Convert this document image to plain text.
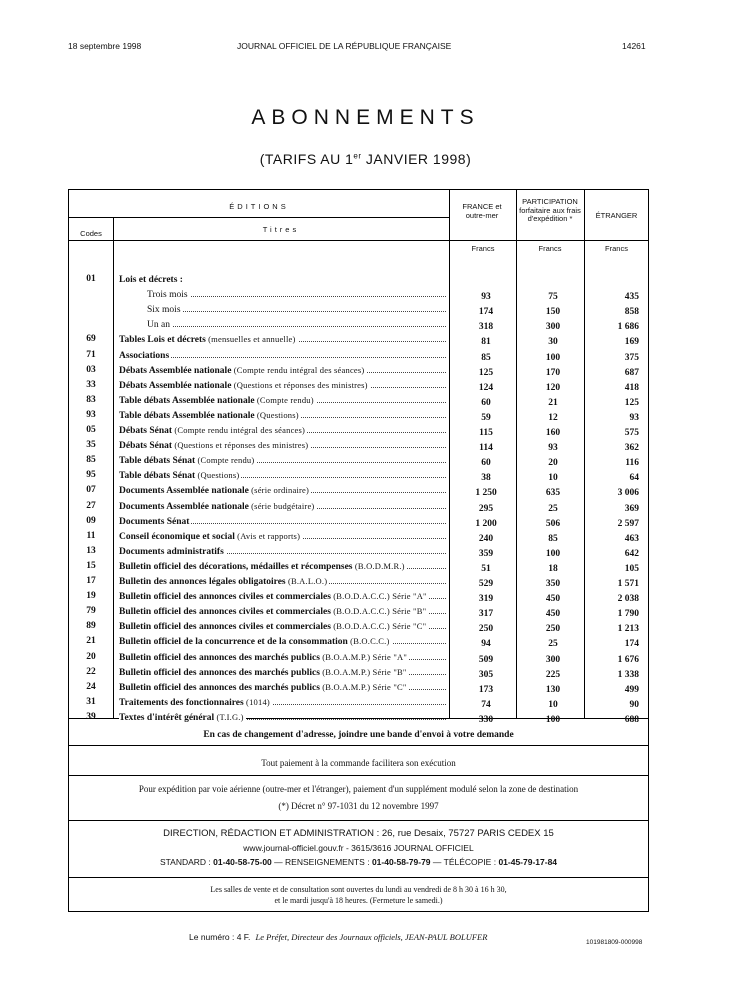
18 septembre 1998	JOURNAL OFFICIEL DE LA RÉPUBLIQUE FRANÇAISE	14261
ABONNEMENTS
(TARIFS AU 1er JANVIER 1998)
ÉDITIONS
Codes	Titres
FRANCE et outre-mer
PARTICIPATION forfaitaire aux frais d'expédition *	ÉTRANGER
Francs	Francs	Francs
01	Lois et décrets :
Trois mois	93	75	435
Six mois	174	150	858
Un an	318	300	1 686
69	Tables Lois et décrets (mensuelles et annuelle)	81	30	169
71	Associations	85	100	375
03	Débats Assemblée nationale (Compte rendu intégral des séances)	125	170	687
33	Débats Assemblée nationale (Questions et réponses des ministres)	124	120	418
83	Table débats Assemblée nationale (Compte rendu)	60	21	125
93	Table débats Assemblée nationale (Questions)	59	12	93
05	Débats Sénat (Compte rendu intégral des séances)	115	160	575
35	Débats Sénat (Questions et réponses des ministres)	114	93	362
85	Table débats Sénat (Compte rendu)	60	20	116
95	Table débats Sénat (Questions)	38	10	64
07	Documents Assemblée nationale (série ordinaire)	1 250	635	3 006
27	Documents Assemblée nationale (série budgétaire)	295	25	369
09	Documents Sénat	1 200	506	2 597
11	Conseil économique et social (Avis et rapports)	240	85	463
13	Documents administratifs	359	100	642
15	Bulletin officiel des décorations, médailles et récompenses (B.O.D.M.R.)	51	18	105
17	Bulletin des annonces légales obligatoires (B.A.L.O.)	529	350	1 571
19	Bulletin officiel des annonces civiles et commerciales (B.O.D.A.C.C.) Série "A"	319	450	2 038
79	Bulletin officiel des annonces civiles et commerciales (B.O.D.A.C.C.) Série "B"	317	450	1 790
89	Bulletin officiel des annonces civiles et commerciales (B.O.D.A.C.C.) Série "C"	250	250	1 213
21	Bulletin officiel de la concurrence et de la consommation (B.O.C.C.)	94	25	174
20	Bulletin officiel des annonces des marchés publics (B.O.A.M.P.) Série "A"	509	300	1 676
22	Bulletin officiel des annonces des marchés publics (B.O.A.M.P.) Série "B"	305	225	1 338
24	Bulletin officiel des annonces des marchés publics (B.O.A.M.P.) Série "C"	173	130	499
31	Traitements des fonctionnaires (1014)	74	10	90
39	Textes d'intérêt général (T.I.G.)	330	100	688
En cas de changement d'adresse, joindre une bande d'envoi à votre demande
Tout paiement à la commande facilitera son exécution
Pour expédition par voie aérienne (outre-mer et l'étranger), paiement d'un supplément modulé selon la zone de destination
(*) Décret n° 97-1031 du 12 novembre 1997
DIRECTION, RÉDACTION ET ADMINISTRATION : 26, rue Desaix, 75727 PARIS CEDEX 15
www.journal-officiel.gouv.fr - 3615/3616 JOURNAL OFFICIEL
STANDARD : 01-40-58-75-00 — RENSEIGNEMENTS : 01-40-58-79-79 — TÉLÉCOPIE : 01-45-79-17-84
Les salles de vente et de consultation sont ouvertes du lundi au vendredi de 8 h 30 à 16 h 30,
et le mardi jusqu'à 18 heures. (Fermeture le samedi.)
Le numéro : 4 F. Le Préfet, Directeur des Journaux officiels, JEAN-PAUL BOLUFER
101981809-000998
